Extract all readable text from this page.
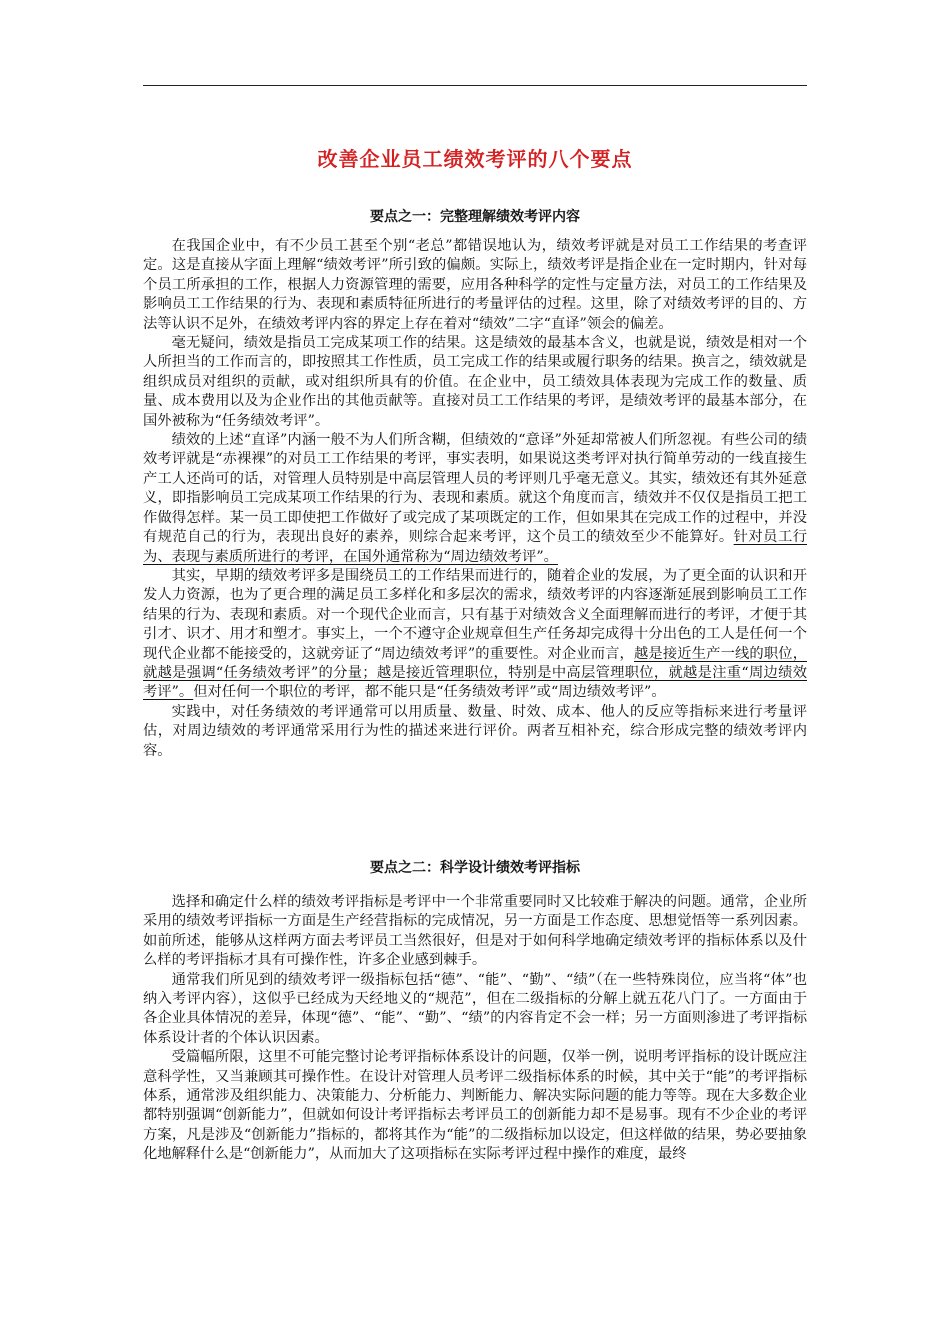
改善企业员工绩效考评的八个要点
要点之一：完整理解绩效考评内容

在我国企业中，有不少员工甚至个别“老总”都错误地认为，绩效考评就是对员工工作结果的考查评定。这是直接从字面上理解“绩效考评”所引致的偏颇。实际上，绩效考评是指企业在一定时期内，针对每个员工所承担的工作，根据人力资源管理的需要，应用各种科学的定性与定量方法，对员工的工作结果及影响员工工作结果的行为、表现和素质特征所进行的考量评估的过程。这里，除了对绩效考评的目的、方法等认识不足外，在绩效考评内容的界定上存在着对“绩效”二字“直译”领会的偏差。

毫无疑问，绩效是指员工完成某项工作的结果。这是绩效的最基本含义，也就是说，绩效是相对一个人所担当的工作而言的，即按照其工作性质，员工完成工作的结果或履行职务的结果。换言之，绩效就是组织成员对组织的贡献，或对组织所具有的价值。在企业中，员工绩效具体表现为完成工作的数量、质量、成本费用以及为企业作出的其他贡献等。直接对员工工作结果的考评，是绩效考评的最基本部分，在国外被称为“任务绩效考评”。

绩效的上述“直译”内涵一般不为人们所含糊，但绩效的“意译”外延却常被人们所忽视。有些公司的绩效考评就是“赤裸裸”的对员工工作结果的考评，事实表明，如果说这类考评对执行简单劳动的一线直接生产工人还尚可的话，对管理人员特别是中高层管理人员的考评则几乎毫无意义。其实，绩效还有其外延意义，即指影响员工完成某项工作结果的行为、表现和素质。就这个角度而言，绩效并不仅仅是指员工把工作做得怎样。某一员工即使把工作做好了或完成了某项既定的工作，但如果其在完成工作的过程中，并没有规范自己的行为，表现出良好的素养，则综合起来考评，这个员工的绩效至少不能算好。针对员工行为、表现与素质所进行的考评，在国外通常称为“周边绩效考评”。

其实，早期的绩效考评多是围绕员工的工作结果而进行的，随着企业的发展，为了更全面的认识和开发人力资源，也为了更合理的满足员工多样化和多层次的需求，绩效考评的内容逐渐延展到影响员工工作结果的行为、表现和素质。对一个现代企业而言，只有基于对绩效含义全面理解而进行的考评，才便于其引才、识才、用才和塑才。事实上，一个不遵守企业规章但生产任务却完成得十分出色的工人是任何一个现代企业都不能接受的，这就旁证了“周边绩效考评”的重要性。对企业而言，越是接近生产一线的职位，就越是强调“任务绩效考评”的分量；越是接近管理职位，特别是中高层管理职位，就越是注重“周边绩效考评”。但对任何一个职位的考评，都不能只是“任务绩效考评”或“周边绩效考评”。

实践中，对任务绩效的考评通常可以用质量、数量、时效、成本、他人的反应等指标来进行考量评估，对周边绩效的考评通常采用行为性的描述来进行评价。两者互相补充，综合形成完整的绩效考评内容。

要点之二：科学设计绩效考评指标

选择和确定什么样的绩效考评指标是考评中一个非常重要同时又比较难于解决的问题。通常，企业所采用的绩效考评指标一方面是生产经营指标的完成情况，另一方面是工作态度、思想觉悟等一系列因素。如前所述，能够从这样两方面去考评员工当然很好，但是对于如何科学地确定绩效考评的指标体系以及什么样的考评指标才具有可操作性，许多企业感到棘手。

通常我们所见到的绩效考评一级指标包括“德”、“能”、“勤”、“绩”（在一些特殊岗位，应当将“体”也纳入考评内容），这似乎已经成为天经地义的“规范”，但在二级指标的分解上就五花八门了。一方面由于各企业具体情况的差异，体现“德”、“能”、“勤”、“绩”的内容肯定不会一样；另一方面则渗进了考评指标体系设计者的个体认识因素。

受篇幅所限，这里不可能完整讨论考评指标体系设计的问题，仅举一例，说明考评指标的设计既应注意科学性，又当兼顾其可操作性。在设计对管理人员考评二级指标体系的时候，其中关于“能”的考评指标体系，通常涉及组织能力、决策能力、分析能力、判断能力、解决实际问题的能力等等。现在大多数企业都特别强调“创新能力”，但就如何设计考评指标去考评员工的创新能力却不是易事。现有不少企业的考评方案，凡是涉及“创新能力”指标的，都将其作为“能”的二级指标加以设定，但这样做的结果，势必要抽象化地解释什么是“创新能力”，从而加大了这项指标在实际考评过程中操作的难度，最终
